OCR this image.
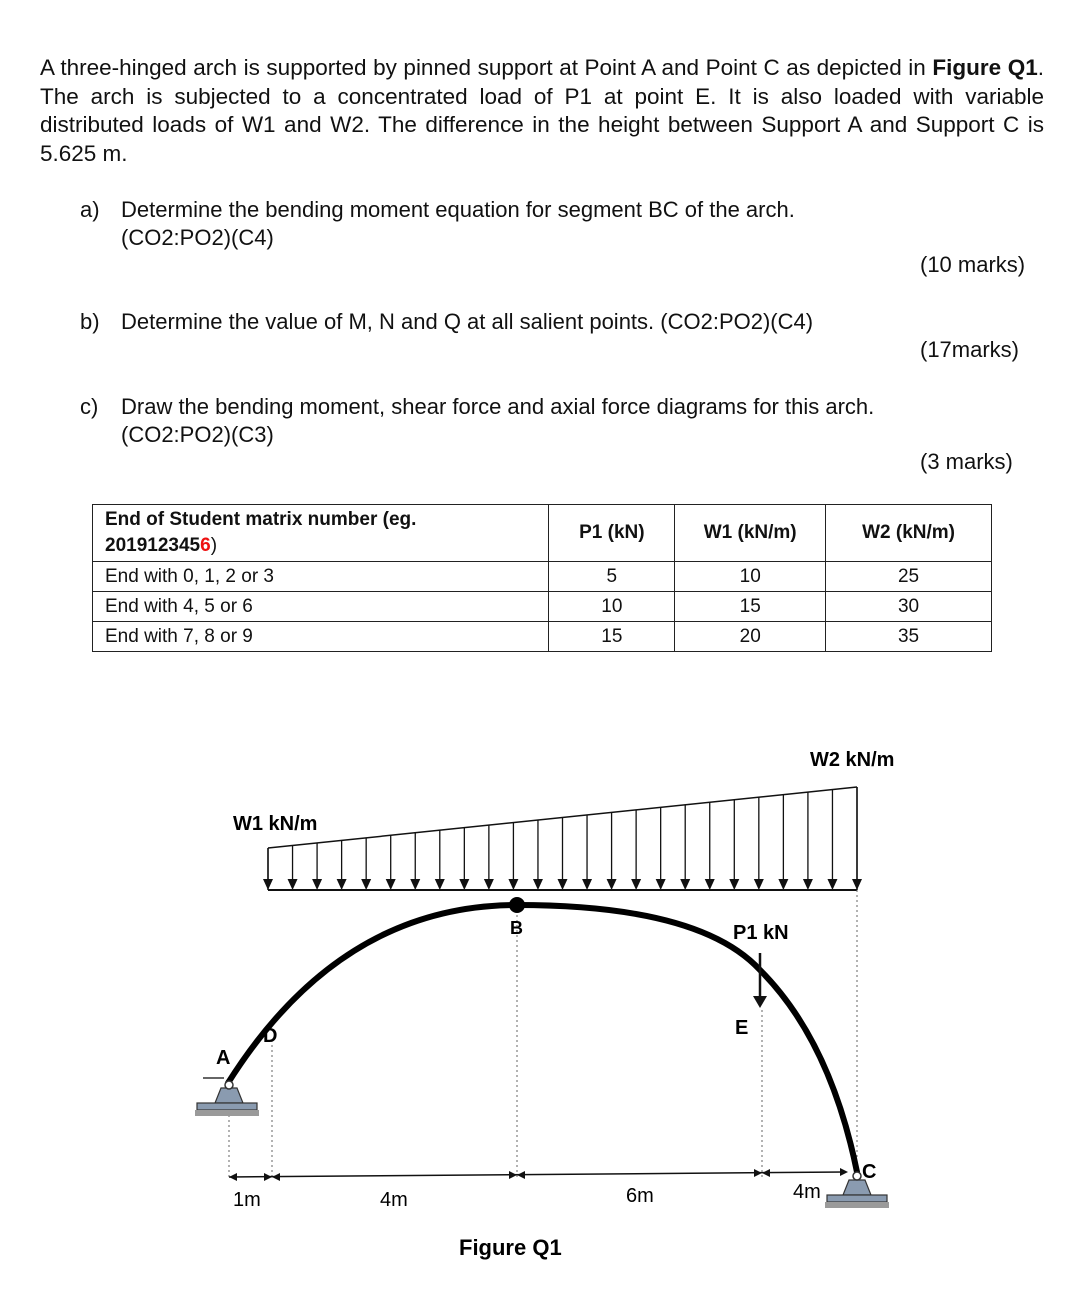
A three-hinged arch is supported by pinned support at Point A and Point C as depicted in Figure Q1. The arch is subjected to a concentrated load of P1 at point E. It is also loaded with variable distributed loads of W1 and W2. The difference in the height between Support A and Support C is 5.625 m.
a) Determine the bending moment equation for segment BC of the arch.
(CO2:PO2)(C4)
(10 marks)
b) Determine the value of M, N and Q at all salient points. (CO2:PO2)(C4)
(17marks)
c) Draw the bending moment, shear force and axial force diagrams for this arch.
(CO2:PO2)(C3)
(3 marks)
End of Student matrix number (eg.
2019123456)	P1 (kN)	W1 (kN/m)	W2 (kN/m)
End with 0, 1, 2 or 3	5	10	25
End with 4, 5 or 6	10	15	30
End with 7, 8 or 9	15	20	35
W1 kN/m
W2 kN/m
P1 kN
A
B
C
D	E
1m	4m	6m	4m
Figure Q1
